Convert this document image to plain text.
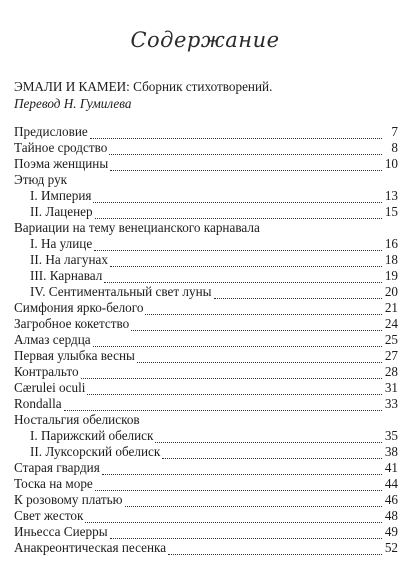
Содержание
ЭМАЛИ И КАМЕИ: Сборник стихотворений.
Перевод Н. Гумилева
Предисловие	7
Тайное сродство	8
Поэма женщины	10
Этюд рук
I. Империя	13
II. Лаценер	15
Вариации на тему венецианского карнавала
I. На улице	16
II. На лагунах	18
III. Карнавал	19
IV. Сентиментальный свет луны	20
Симфония ярко-белого	21
Загробное кокетство	24
Алмаз сердца	25
Первая улыбка весны	27
Контральто	28
Cærulei oculi	31
Rondalla	33
Ностальгия обелисков
I. Парижский обелиск	35
II. Луксорский обелиск	38
Старая гвардия	41
Тоска на море	44
К розовому платью	46
Свет жесток	48
Иньесса Сиерры	49
Анакреонтическая песенка	52
